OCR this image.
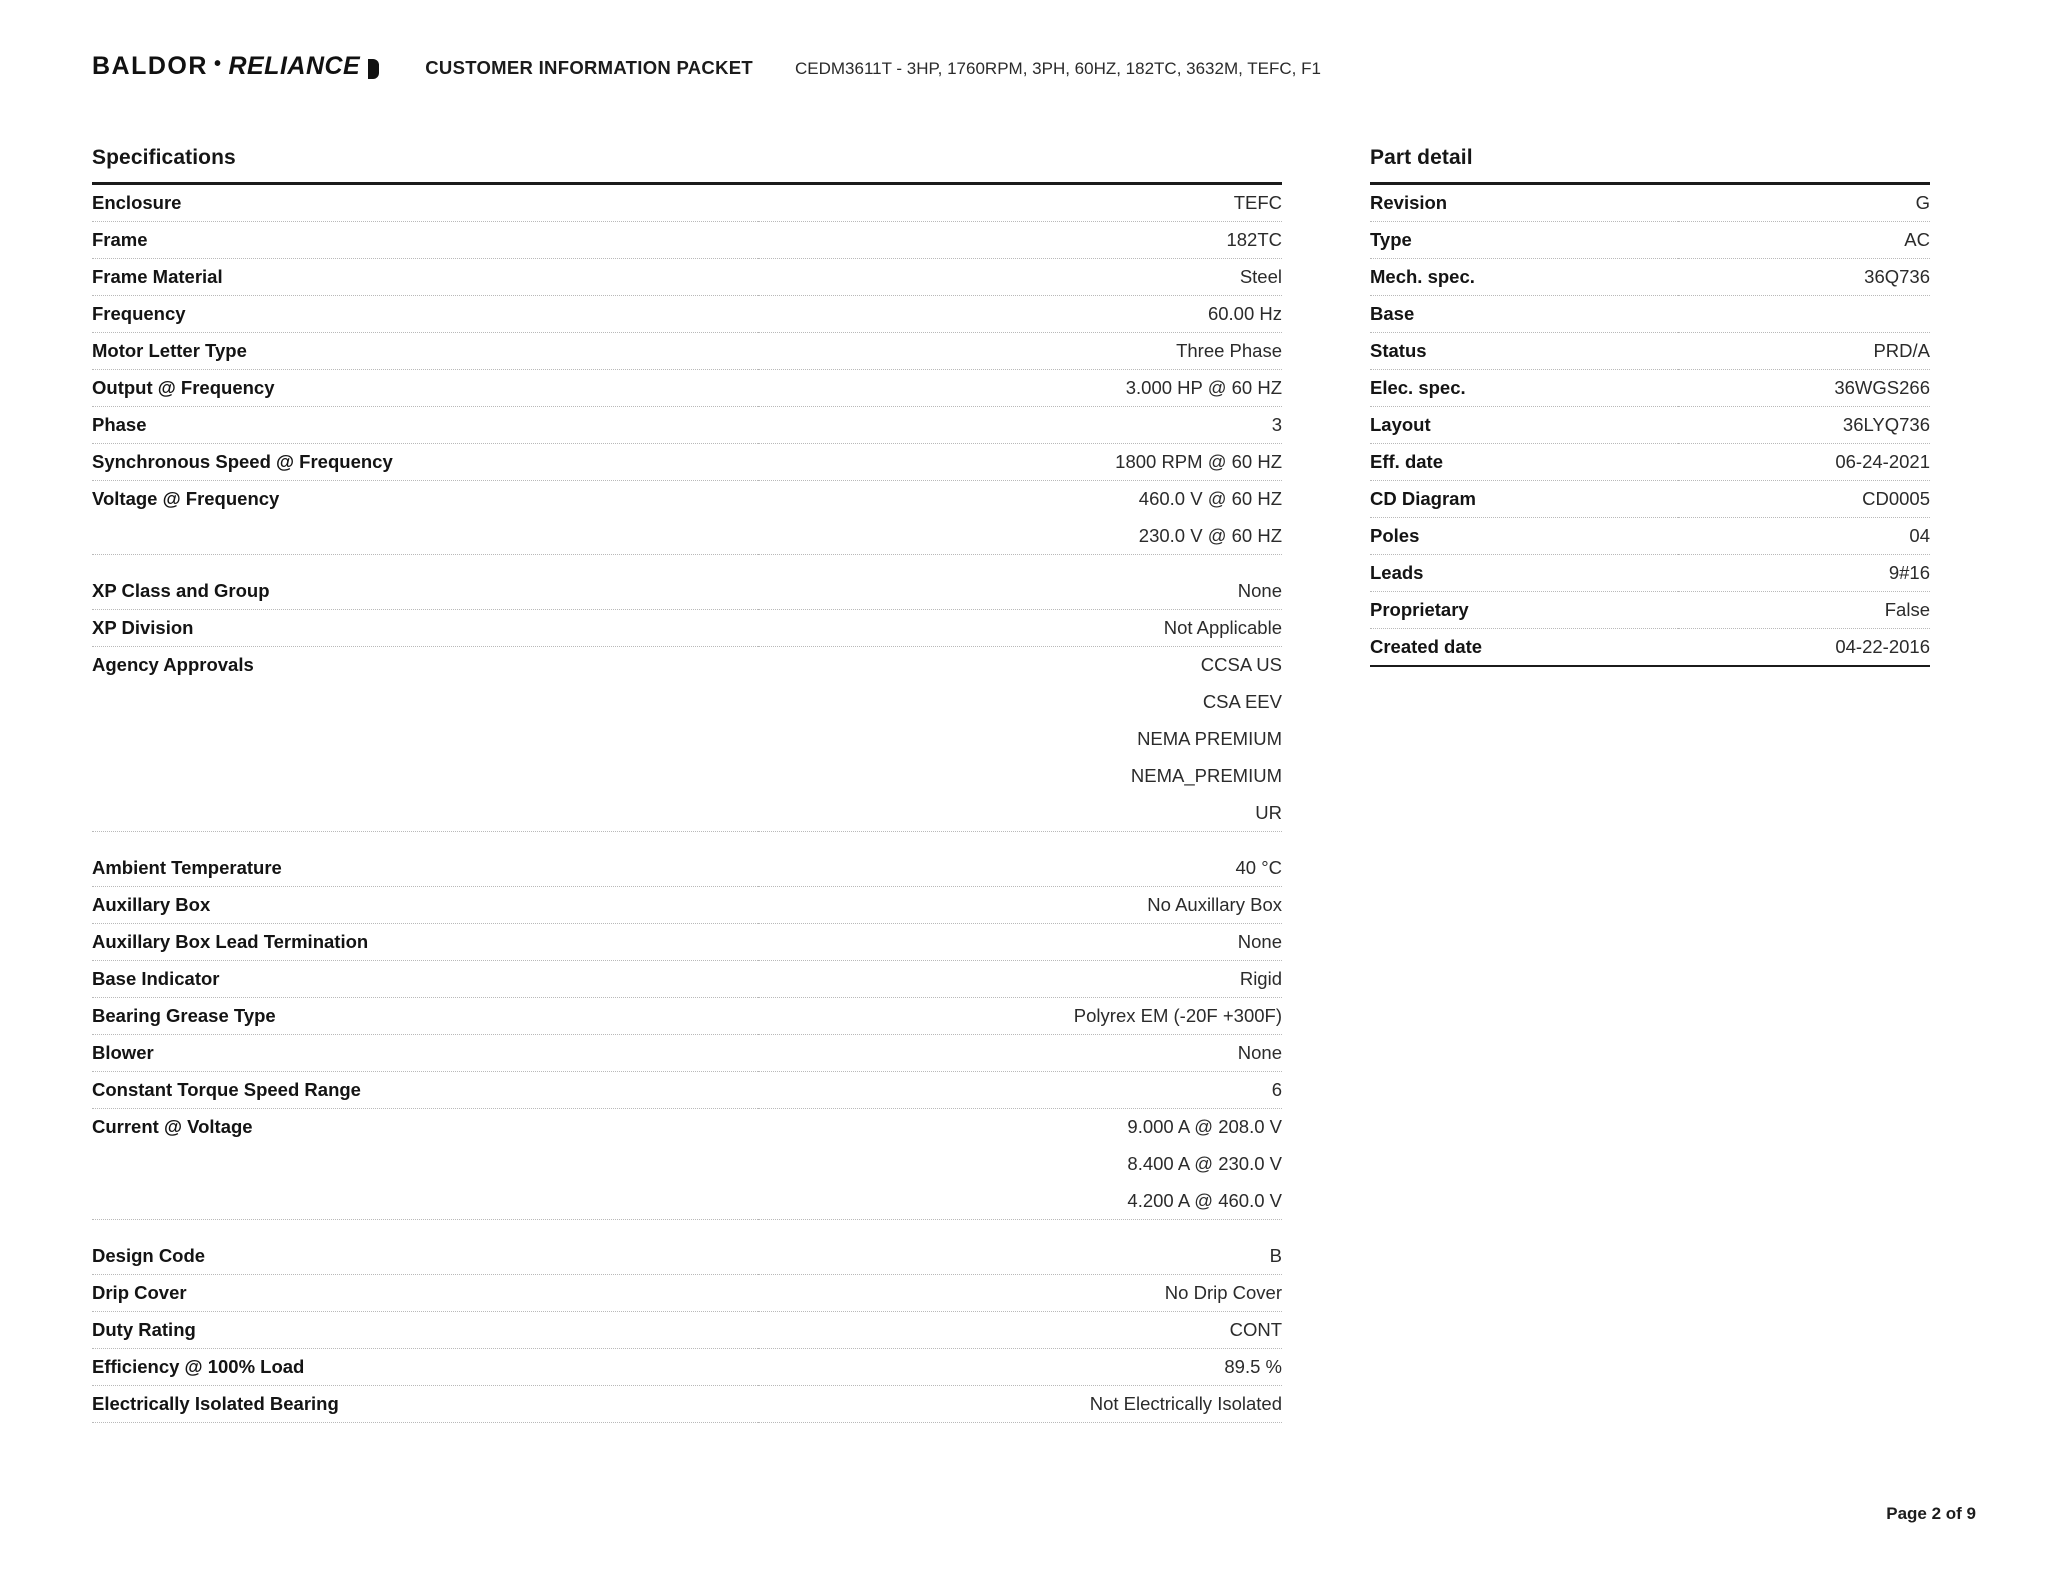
BALDOR • RELIANCE	CUSTOMER INFORMATION PACKET CEDM3611T - 3HP, 1760RPM, 3PH, 60HZ, 182TC, 3632M, TEFC, F1
Specifications

Enclosure	TEFC
Frame	182TC
Frame Material	Steel
Frequency	60.00 Hz
Motor Letter Type	Three Phase
Output @ Frequency	3.000 HP @ 60 HZ
Phase	3
Synchronous Speed @ Frequency	1800 RPM @ 60 HZ
Voltage @ Frequency	460.0 V @ 60 HZ
	230.0 V @ 60 HZ

XP Class and Group	None
XP Division	Not Applicable
Agency Approvals	CCSA US
	CSA EEV
	NEMA PREMIUM
	NEMA_PREMIUM
	UR

Ambient Temperature	40 °C
Auxillary Box	No Auxillary Box
Auxillary Box Lead Termination	None
Base Indicator	Rigid
Bearing Grease Type	Polyrex EM (-20F +300F)
Blower	None
Constant Torque Speed Range	6
Current @ Voltage	9.000 A @ 208.0 V
	8.400 A @ 230.0 V
	4.200 A @ 460.0 V

Design Code	B
Drip Cover	No Drip Cover
Duty Rating	CONT
Efficiency @ 100% Load	89.5 %
Electrically Isolated Bearing	Not Electrically Isolated
Part detail

Revision	G
Type	AC
Mech. spec.	36Q736
Base	
Status	PRD/A
Elec. spec.	36WGS266
Layout	36LYQ736
Eff. date	06-24-2021
CD Diagram	CD0005
Poles	04
Leads	9#16
Proprietary	False
Created date	04-22-2016

Page 2 of 9
